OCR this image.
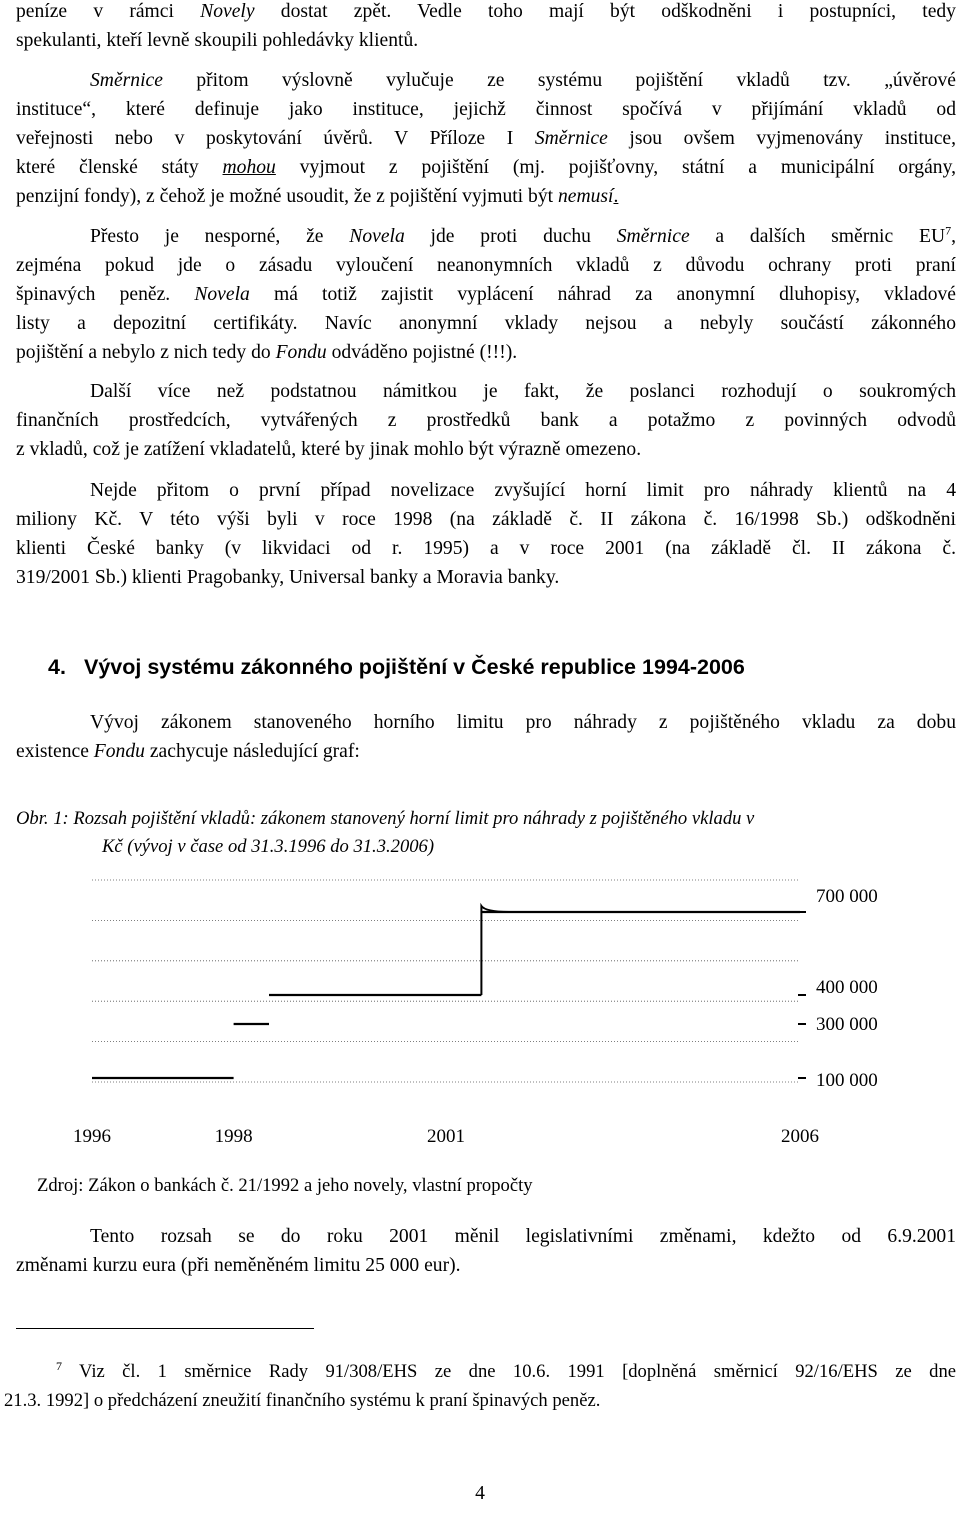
peníze v rámci Novely dostat zpět. Vedle toho mají být odškodněni i postupníci, tedy
spekulanti, kteří levně skoupili pohledávky klientů.
Směrnice přitom výslovně vylučuje ze systému pojištění vkladů tzv. „úvěrové
instituce“, které definuje jako instituce, jejichž činnost spočívá v přijímání vkladů od
veřejnosti nebo v poskytování úvěrů. V Příloze I Směrnice jsou ovšem vyjmenovány instituce,
které členské státy mohou vyjmout z pojištění (mj. pojišťovny, státní a municipální orgány,
penzijní fondy), z čehož je možné usoudit, že z pojištění vyjmuti být nemusí.
Přesto je nesporné, že Novela jde proti duchu Směrnice a dalších směrnic $EU^7$,
zejména pokud jde o zásadu vyloučení neanonymních vkladů z důvodu ochrany proti praní
špinavých peněz. Novela má totiž zajistit vyplácení náhrad za anonymní dluhopisy, vkladové
listy a depozitní certifikáty. Navíc anonymní vklady nejsou a nebyly součástí zákonného
pojištění a nebylo z nich tedy do Fondu odváděno pojistné (!!!).
Další více než podstatnou námitkou je fakt, že poslanci rozhodují o soukromých
finančních prostředcích, vytvářených z prostředků bank a potažmo z povinných odvodů
z vkladů, což je zatížení vkladatelů, které by jinak mohlo být výrazně omezeno.
Nejde přitom o první případ novelizace zvyšující horní limit pro náhrady klientů na 4
miliony Kč. V této výši byli v roce 1998 (na základě č. II zákona č. 16/1998 Sb.) odškodněni
klienti České banky (v likvidaci od r. 1995) a v roce 2001 (na základě čl. II zákona č.
319/2001 Sb.) klienti Pragobanky, Universal banky a Moravia banky.
4. Vývoj systému zákonného pojištění v České republice 1994-2006
Vývoj zákonem stanoveného horního limitu pro náhrady z pojištěného vkladu za dobu
existence Fondu zachycuje následující graf:
Obr. 1: Rozsah pojištění vkladů: zákonem stanovený horní limit pro náhrady z pojištěného vkladu v
Kč (vývoj v čase od 31.3.1996 do 31.3.2006)
100 000
300 000
400 000
700 000
1996	1998	2001	2006
Zdroj: Zákon o bankách č. 21/1992 a jeho novely, vlastní propočty
Tento rozsah se do roku 2001 měnil legislativními změnami, kdežto od 6.9.2001
změnami kurzu eura (při neměněném limitu 25 000 eur).
$^7$ Viz čl. 1 směrnice Rady 91/308/EHS ze dne 10.6. 1991 [doplněná směrnicí 92/16/EHS ze dne
21.3. 1992] o předcházení zneužití finančního systému k praní špinavých peněz.
4
